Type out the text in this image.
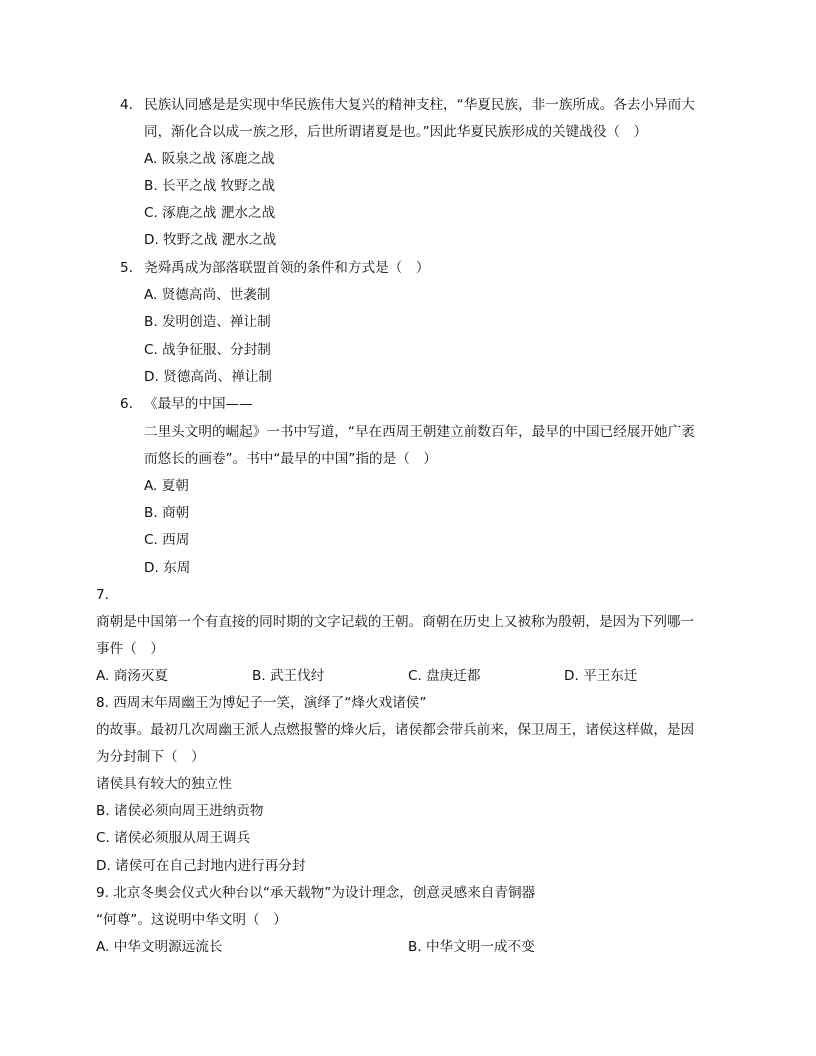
4. 民族认同感是是实现中华民族伟大复兴的精神支柱，“华夏民族，非一族所成。各去小异而大
同，渐化合以成一族之形，后世所谓诸夏是也。”因此华夏民族形成的关键战役（　）
A. 阪泉之战 涿鹿之战
B. 长平之战 牧野之战
C. 涿鹿之战 淝水之战
D. 牧野之战 淝水之战
5. 尧舜禹成为部落联盟首领的条件和方式是（　）
A. 贤德高尚、世袭制
B. 发明创造、禅让制
C. 战争征服、分封制
D. 贤德高尚、禅让制
6. 《最早的中国——
二里头文明的崛起》一书中写道，“早在西周王朝建立前数百年，最早的中国已经展开她广袤
而悠长的画卷”。书中“最早的中国”指的是（　）
A. 夏朝
B. 商朝
C. 西周
D. 东周
7.
商朝是中国第一个有直接的同时期的文字记载的王朝。商朝在历史上又被称为殷朝，是因为下列哪一
事件（　）
A. 商汤灭夏	B. 武王伐纣	C. 盘庚迁都	D. 平王东迁
8. 西周末年周幽王为博妃子一笑，演绎了“烽火戏诸侯”
的故事。最初几次周幽王派人点燃报警的烽火后，诸侯都会带兵前来，保卫周王，诸侯这样做，是因
为分封制下（　）
诸侯具有较大的独立性
B. 诸侯必须向周王进纳贡物
C. 诸侯必须服从周王调兵
D. 诸侯可在自己封地内进行再分封
9. 北京冬奥会仪式火种台以“承天载物”为设计理念，创意灵感来自青铜器
“何尊”。这说明中华文明（　）
A. 中华文明源远流长	B. 中华文明一成不变
